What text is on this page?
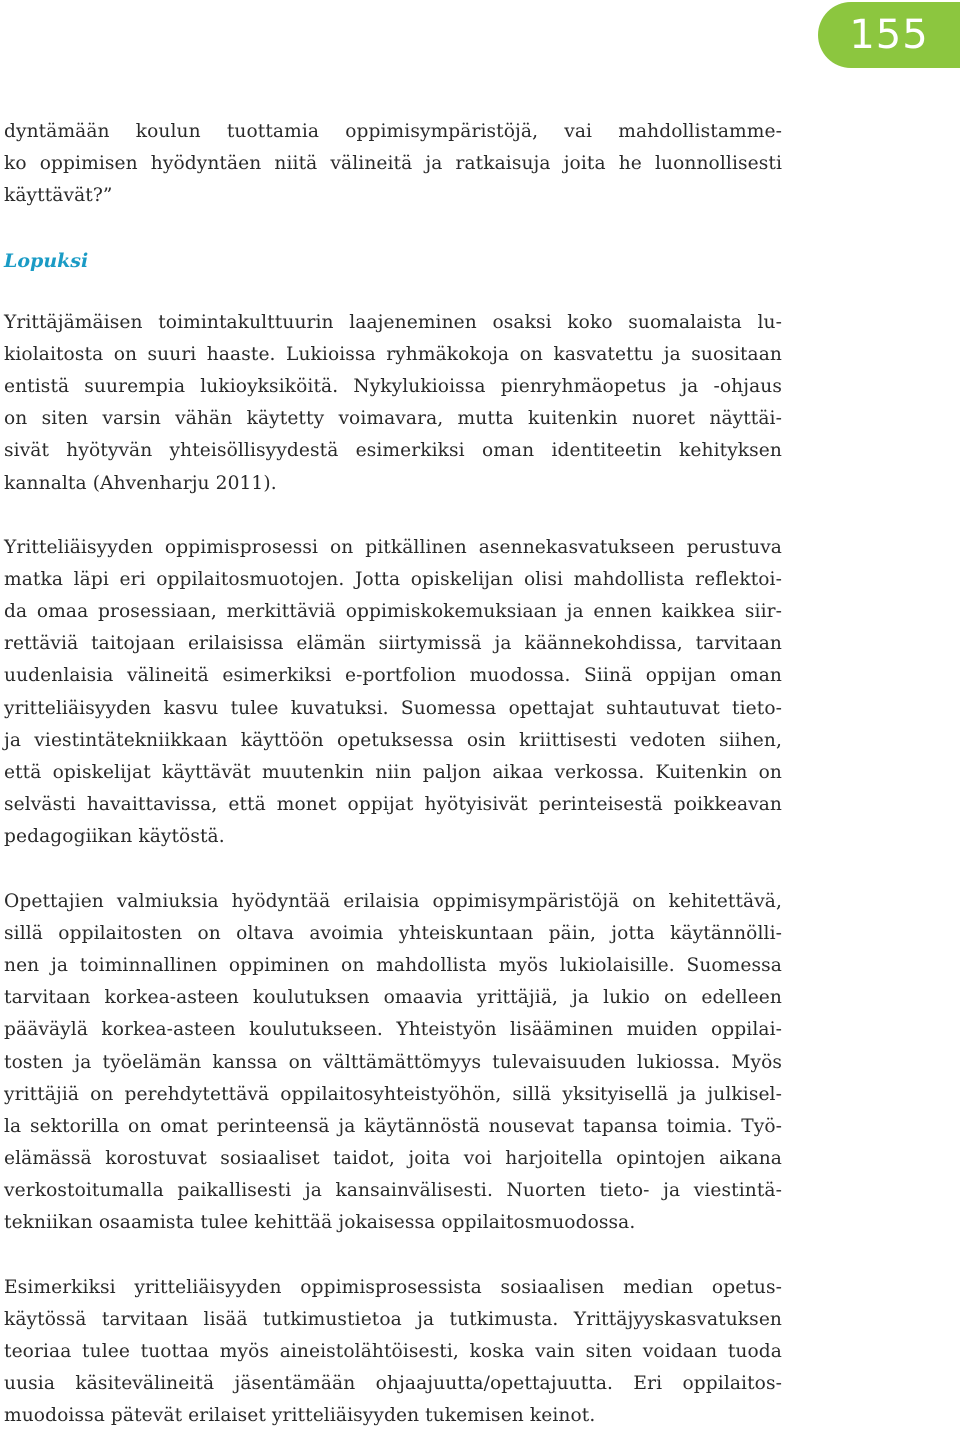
155
dyntämään koulun tuottamia oppimisympäristöjä, vai mahdollistamme-
ko oppimisen hyödyntäen niitä välineitä ja ratkaisuja joita he luonnollisesti
käyttävät?”
Lopuksi
Yrittäjämäisen toimintakulttuurin laajeneminen osaksi koko suomalaista lu-
kiolaitosta on suuri haaste. Lukioissa ryhmäkokoja on kasvatettu ja suositaan
entistä suurempia lukioyksiköitä. Nykylukioissa pienryhmäopetus ja -ohjaus
on siten varsin vähän käytetty voimavara, mutta kuitenkin nuoret näyttäi-
sivät hyötyvän yhteisöllisyydestä esimerkiksi oman identiteetin kehityksen
kannalta (Ahvenharju 2011).
Yritteliäisyyden oppimisprosessi on pitkällinen asennekasvatukseen perustuva
matka läpi eri oppilaitosmuotojen. Jotta opiskelijan olisi mahdollista reflektoi-
da omaa prosessiaan, merkittäviä oppimiskokemuksiaan ja ennen kaikkea siir-
rettäviä taitojaan erilaisissa elämän siirtymissä ja käännekohdissa, tarvitaan
uudenlaisia välineitä esimerkiksi e-portfolion muodossa. Siinä oppijan oman
yritteliäisyyden kasvu tulee kuvatuksi. Suomessa opettajat suhtautuvat tieto-
ja viestintätekniikkaan käyttöön opetuksessa osin kriittisesti vedoten siihen,
että opiskelijat käyttävät muutenkin niin paljon aikaa verkossa. Kuitenkin on
selvästi havaittavissa, että monet oppijat hyötyisivät perinteisestä poikkeavan
pedagogiikan käytöstä.
Opettajien valmiuksia hyödyntää erilaisia oppimisympäristöjä on kehitettävä,
sillä oppilaitosten on oltava avoimia yhteiskuntaan päin, jotta käytännölli-
nen ja toiminnallinen oppiminen on mahdollista myös lukiolaisille. Suomessa
tarvitaan korkea-asteen koulutuksen omaavia yrittäjiä, ja lukio on edelleen
pääväylä korkea-asteen koulutukseen. Yhteistyön lisääminen muiden oppilai-
tosten ja työelämän kanssa on välttämättömyys tulevaisuuden lukiossa. Myös
yrittäjiä on perehdytettävä oppilaitosyhteistyöhön, sillä yksityisellä ja julkisel-
la sektorilla on omat perinteensä ja käytännöstä nousevat tapansa toimia. Työ-
elämässä korostuvat sosiaaliset taidot, joita voi harjoitella opintojen aikana
verkostoitumalla paikallisesti ja kansainvälisesti. Nuorten tieto- ja viestintä-
tekniikan osaamista tulee kehittää jokaisessa oppilaitosmuodossa.
Esimerkiksi yritteliäisyyden oppimisprosessista sosiaalisen median opetus-
käytössä tarvitaan lisää tutkimustietoa ja tutkimusta. Yrittäjyyskasvatuksen
teoriaa tulee tuottaa myös aineistolähtöisesti, koska vain siten voidaan tuoda
uusia käsitevälineitä jäsentämään ohjaajuutta/opettajuutta. Eri oppilaitos-
muodoissa pätevät erilaiset yritteliäisyyden tukemisen keinot.
